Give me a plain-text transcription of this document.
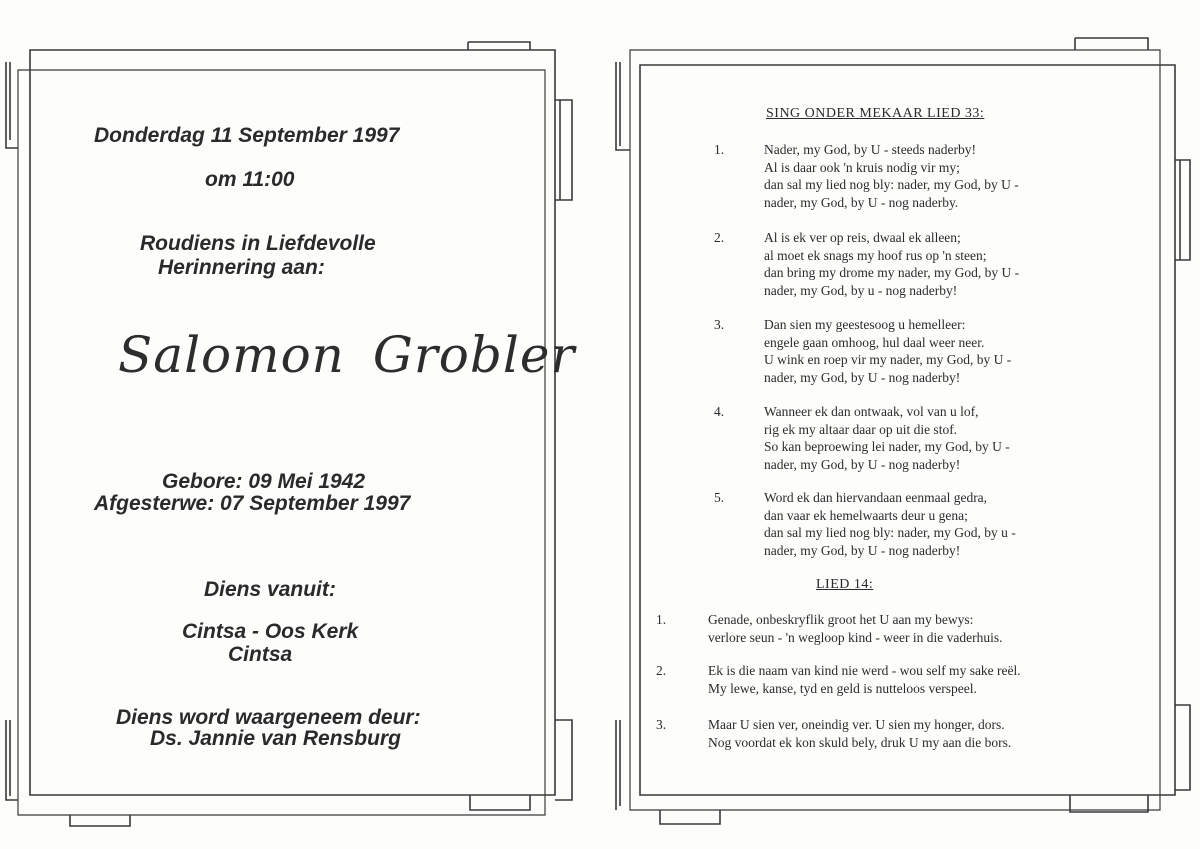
Donderdag 11 September 1997
om 11:00
Roudiens in Liefdevolle
Herinnering aan:
Salomon Grobler
Gebore: 09 Mei 1942
Afgesterwe: 07 September 1997
Diens vanuit:
Cintsa - Oos Kerk
Cintsa
Diens word waargeneem deur:
Ds. Jannie van Rensburg
SING ONDER MEKAAR LIED 33:
1.	Nader, my God, by U - steeds naderby!
Al is daar ook 'n kruis nodig vir my;
dan sal my lied nog bly: nader, my God, by U -
nader, my God, by U - nog naderby.
2.	Al is ek ver op reis, dwaal ek alleen;
al moet ek snags my hoof rus op 'n steen;
dan bring my drome my nader, my God, by U -
nader, my God, by u - nog naderby!
3.	Dan sien my geestesoog u hemelleer:
engele gaan omhoog, hul daal weer neer.
U wink en roep vir my nader, my God, by U -
nader, my God, by U - nog naderby!
4.	Wanneer ek dan ontwaak, vol van u lof,
rig ek my altaar daar op uit die stof.
So kan beproewing lei nader, my God, by U -
nader, my God, by U - nog naderby!
5.	Word ek dan hiervandaan eenmaal gedra,
dan vaar ek hemelwaarts deur u gena;
dan sal my lied nog bly: nader, my God, by u -
nader, my God, by U - nog naderby!
LIED 14:
1.	Genade, onbeskryflik groot het U aan my bewys:
verlore seun - 'n wegloop kind - weer in die vaderhuis.
2.	Ek is die naam van kind nie werd - wou self my sake reël.
My lewe, kanse, tyd en geld is nutteloos verspeel.
3.	Maar U sien ver, oneindig ver. U sien my honger, dors.
Nog voordat ek kon skuld bely, druk U my aan die bors.
